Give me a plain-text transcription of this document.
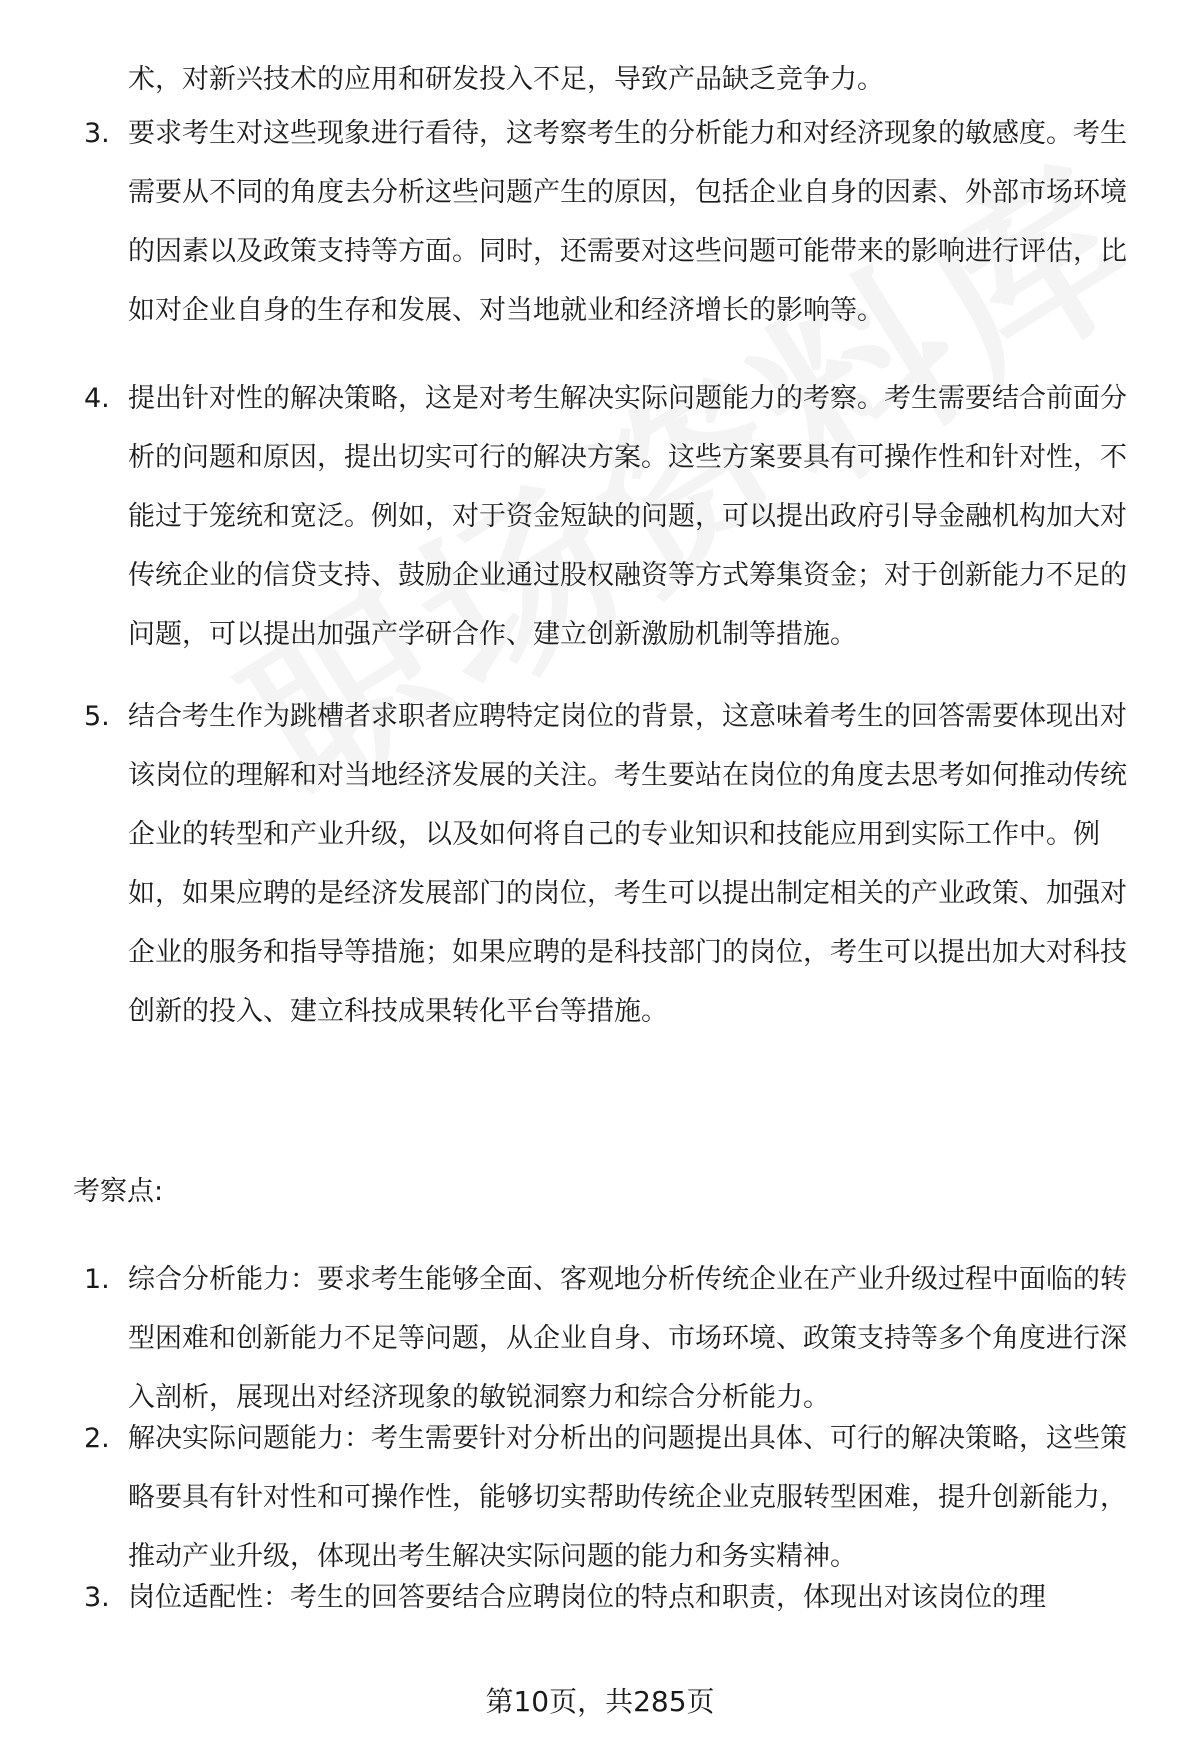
术，对新兴技术的应用和研发投入不足，导致产品缺乏竞争力。

3. 要求考生对这些现象进行看待，这考察考生的分析能力和对经济现象的敏感度。考生需要从不同的角度去分析这些问题产生的原因，包括企业自身的因素、外部市场环境的因素以及政策支持等方面。同时，还需要对这些问题可能带来的影响进行评估，比如对企业自身的生存和发展、对当地就业和经济增长的影响等。
4. 提出针对性的解决策略，这是对考生解决实际问题能力的考察。考生需要结合前面分析的问题和原因，提出切实可行的解决方案。这些方案要具有可操作性和针对性，不能过于笼统和宽泛。例如，对于资金短缺的问题，可以提出政府引导金融机构加大对传统企业的信贷支持、鼓励企业通过股权融资等方式筹集资金；对于创新能力不足的问题，可以提出加强产学研合作、建立创新激励机制等措施。
5. 结合考生作为跳槽者求职者应聘特定岗位的背景，这意味着考生的回答需要体现出对该岗位的理解和对当地经济发展的关注。考生要站在岗位的角度去思考如何推动传统企业的转型和产业升级，以及如何将自己的专业知识和技能应用到实际工作中。例如，如果应聘的是经济发展部门的岗位，考生可以提出制定相关的产业政策、加强对企业的服务和指导等措施；如果应聘的是科技部门的岗位，考生可以提出加大对科技创新的投入、建立科技成果转化平台等措施。
考察点:
1. 综合分析能力：要求考生能够全面、客观地分析传统企业在产业升级过程中面临的转型困难和创新能力不足等问题，从企业自身、市场环境、政策支持等多个角度进行深入剖析，展现出对经济现象的敏锐洞察力和综合分析能力。
2. 解决实际问题能力：考生需要针对分析出的问题提出具体、可行的解决策略，这些策略要具有针对性和可操作性，能够切实帮助传统企业克服转型困难，提升创新能力，推动产业升级，体现出考生解决实际问题的能力和务实精神。
3. 岗位适配性：考生的回答要结合应聘岗位的特点和职责，体现出对该岗位的理
第10页，共285页
